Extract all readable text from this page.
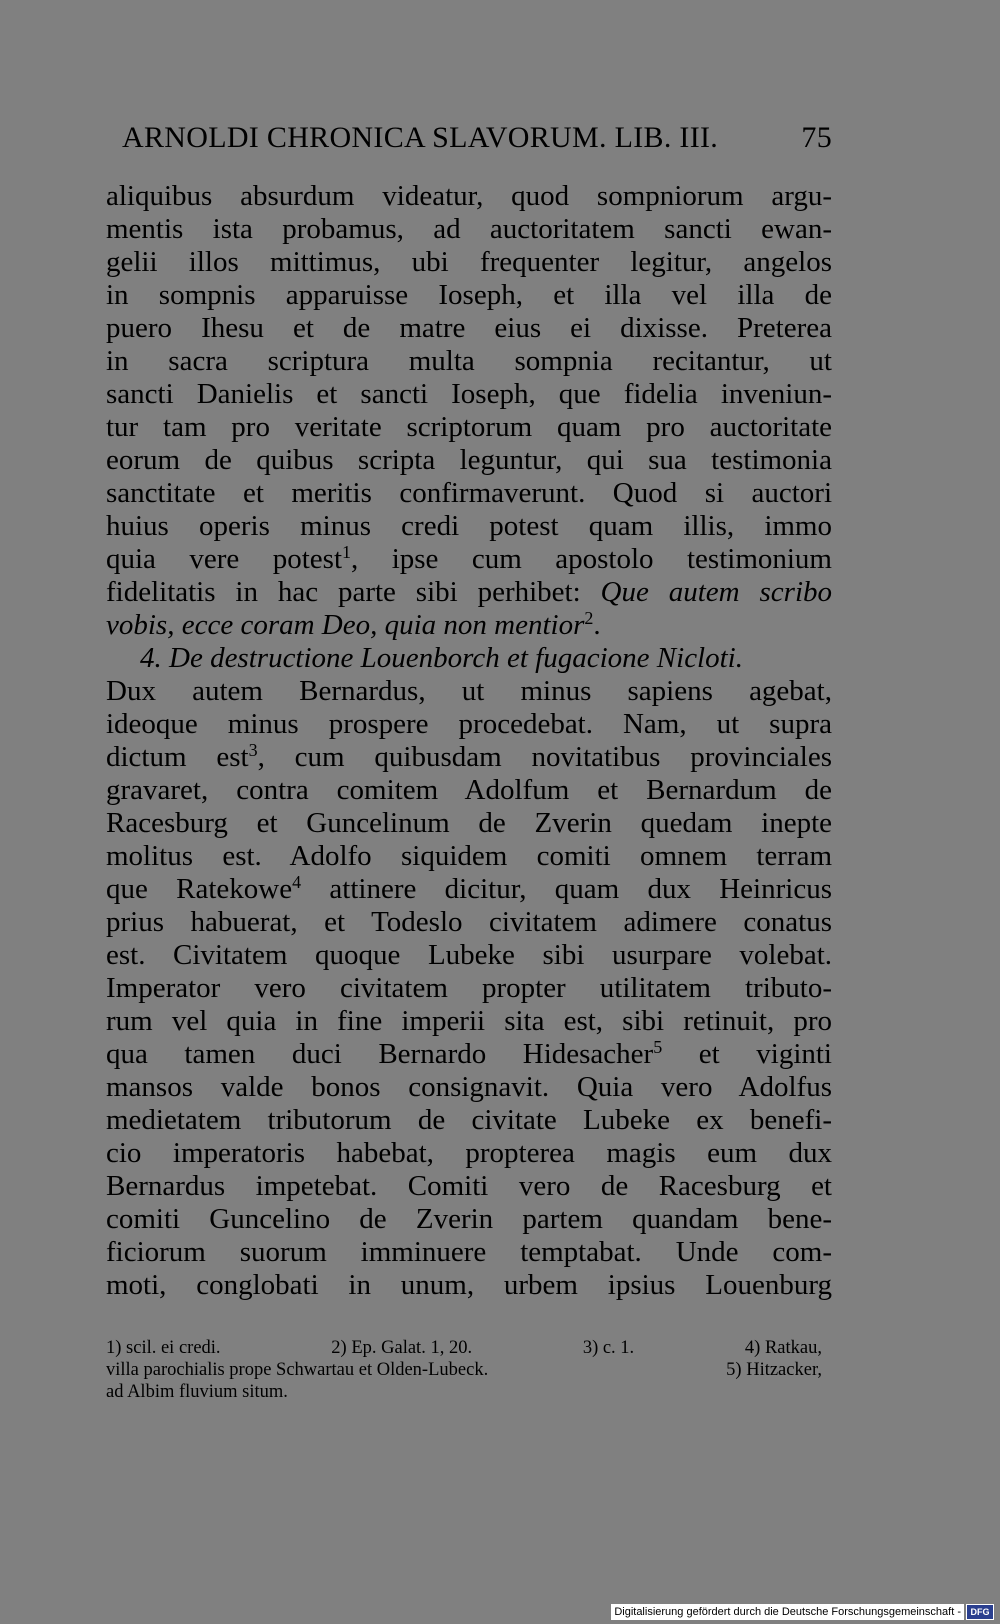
ARNOLDI CHRONICA SLAVORUM. LIB. III.	75
aliquibus absurdum videatur, quod sompniorum argu-
mentis ista probamus, ad auctoritatem sancti ewan-
gelii illos mittimus, ubi frequenter legitur, angelos
in sompnis apparuisse Ioseph, et illa vel illa de
puero Ihesu et de matre eius ei dixisse. Preterea
in sacra scriptura multa sompnia recitantur, ut
sancti Danielis et sancti Ioseph, que fidelia inveniun-
tur tam pro veritate scriptorum quam pro auctoritate
eorum de quibus scripta leguntur, qui sua testimonia
sanctitate et meritis confirmaverunt. Quod si auctori
huius operis minus credi potest quam illis, immo
quia vere potest$^1$, ipse cum apostolo testimonium
fidelitatis in hac parte sibi perhibet: Que autem scribo
vobis, ecce coram Deo, quia non mentior$^2$.
4. De destructione Louenborch et fugacione Nicloti.
Dux autem Bernardus, ut minus sapiens agebat,
ideoque minus prospere procedebat. Nam, ut supra
dictum est$^3$, cum quibusdam novitatibus provinciales
gravaret, contra comitem Adolfum et Bernardum de
Racesburg et Guncelinum de Zverin quedam inepte
molitus est. Adolfo siquidem comiti omnem terram
que Ratekowe$^4$ attinere dicitur, quam dux Heinricus
prius habuerat, et Todeslo civitatem adimere conatus
est. Civitatem quoque Lubeke sibi usurpare volebat.
Imperator vero civitatem propter utilitatem tributo-
rum vel quia in fine imperii sita est, sibi retinuit, pro
qua tamen duci Bernardo Hidesacher$^5$ et viginti
mansos valde bonos consignavit. Quia vero Adolfus
medietatem tributorum de civitate Lubeke ex benefi-
cio imperatoris habebat, propterea magis eum dux
Bernardus impetebat. Comiti vero de Racesburg et
comiti Guncelino de Zverin partem quandam bene-
ficiorum suorum imminuere temptabat. Unde com-
moti, conglobati in unum, urbem ipsius Louenburg
1) scil. ei credi.	2) Ep. Galat. 1, 20.	3) c. 1.	4) Ratkau,
villa parochialis prope Schwartau et Olden-Lubeck.	5) Hitzacker,
ad Albim fluvium situm.
Digitalisierung gefördert durch die Deutsche Forschungsgemeinschaft -	DFG
